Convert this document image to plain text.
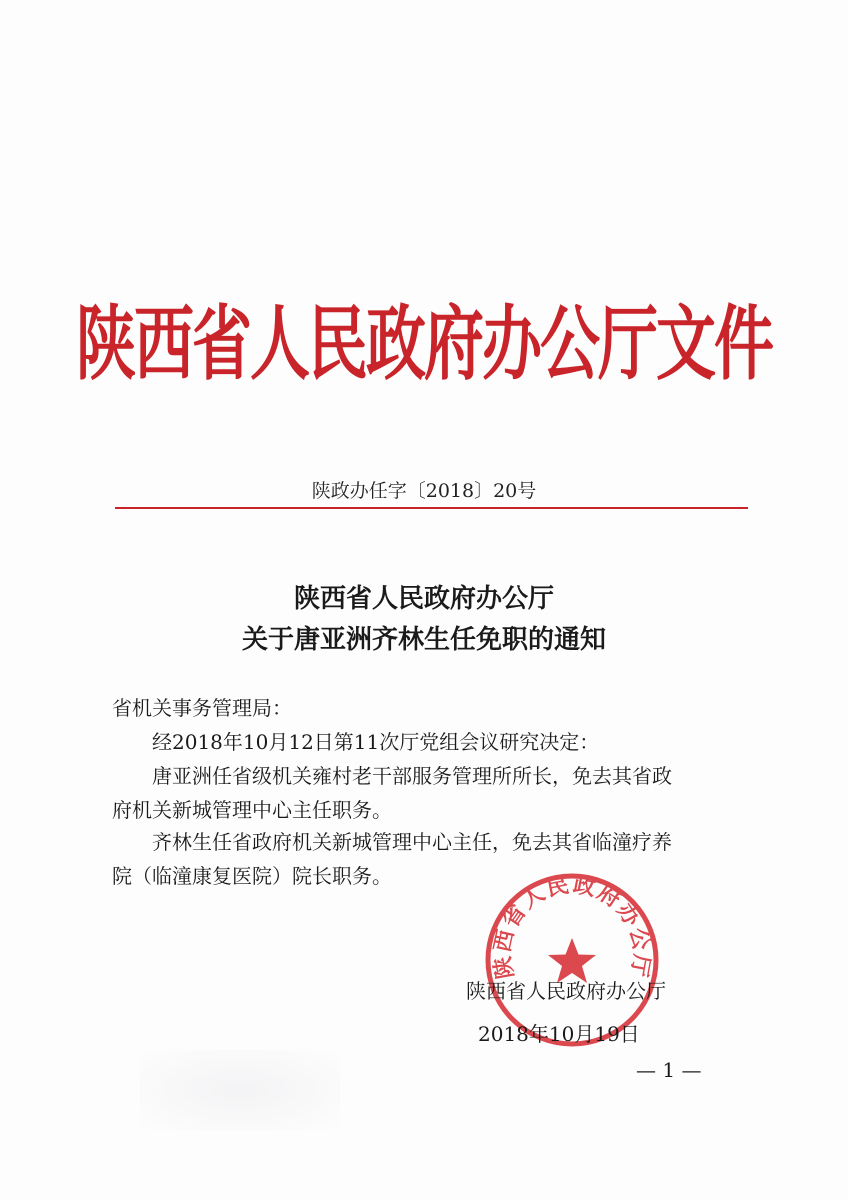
陕西省人民政府办公厅文件
陕政办任字〔2018〕20号
陕西省人民政府办公厅
关于唐亚洲齐林生任免职的通知
省机关事务管理局：
经2018年10月12日第11次厅党组会议研究决定：
唐亚洲任省级机关雍村老干部服务管理所所长，免去其省政
府机关新城管理中心主任职务。
齐林生任省政府机关新城管理中心主任，免去其省临潼疗养
院（临潼康复医院）院长职务。
陕西省人民政府办公厅
陕西省人民政府办公厅
2018年10月19日
— 1 —
